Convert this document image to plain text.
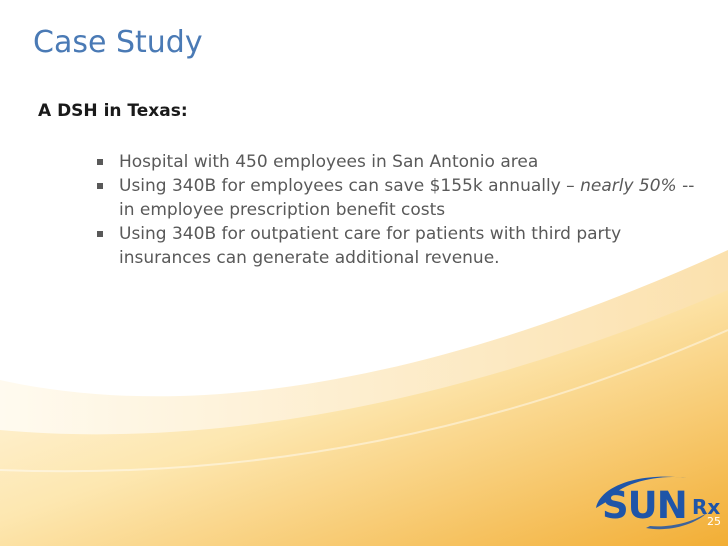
Case Study
A DSH in Texas:
Hospital with 450 employees in San Antonio area
Using 340B for employees can save $155k annually – nearly 50% -- in employee prescription benefit costs
Using 340B for outpatient care for patients with third party insurances can generate additional revenue.
SUN Rx
25
